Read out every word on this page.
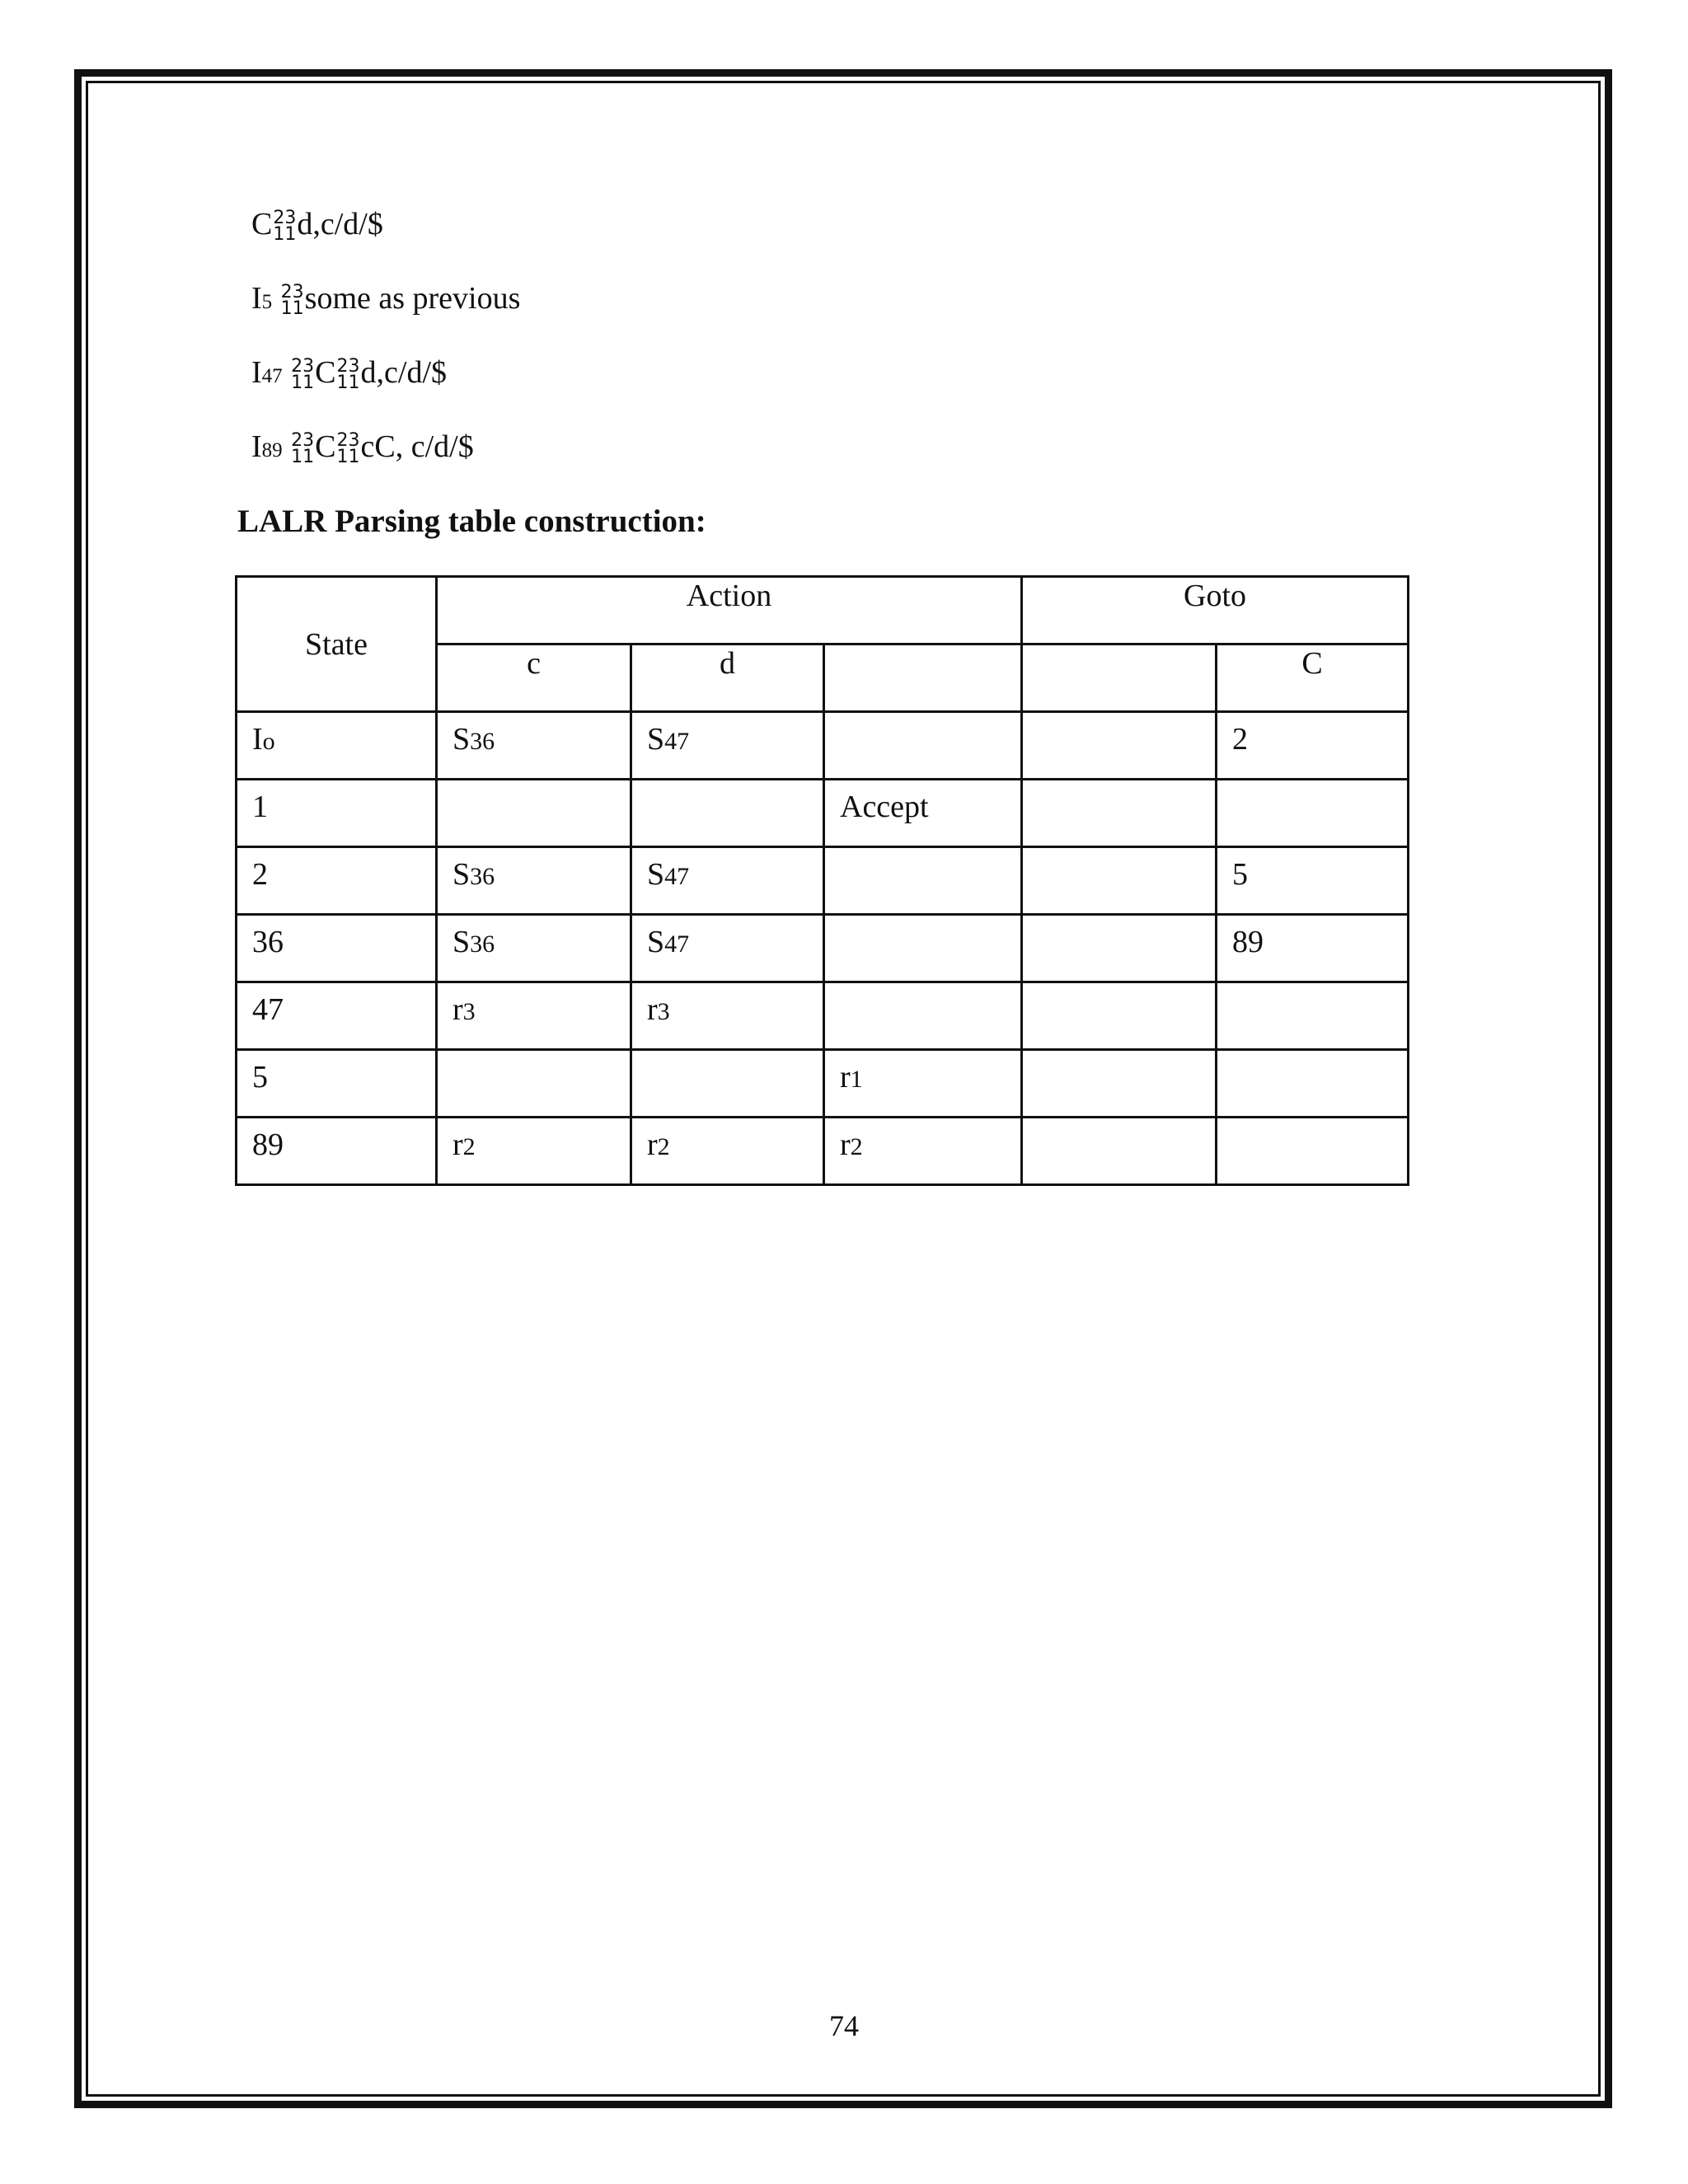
C 23
11 d,c/d/$
I5 23
11 some as previous
I47 23
11 C 23
11 d,c/d/$
I89 23
11 C 23
11 cC, c/d/$
LALR Parsing table construction:
State	Action			Goto	
	c	d			C
Io	S36	S47			2
1			Accept		
2	S36	S47			5
36	S36	S47			89
47	r3	r3			
5			r1		
89	r2	r2	r2		
74
